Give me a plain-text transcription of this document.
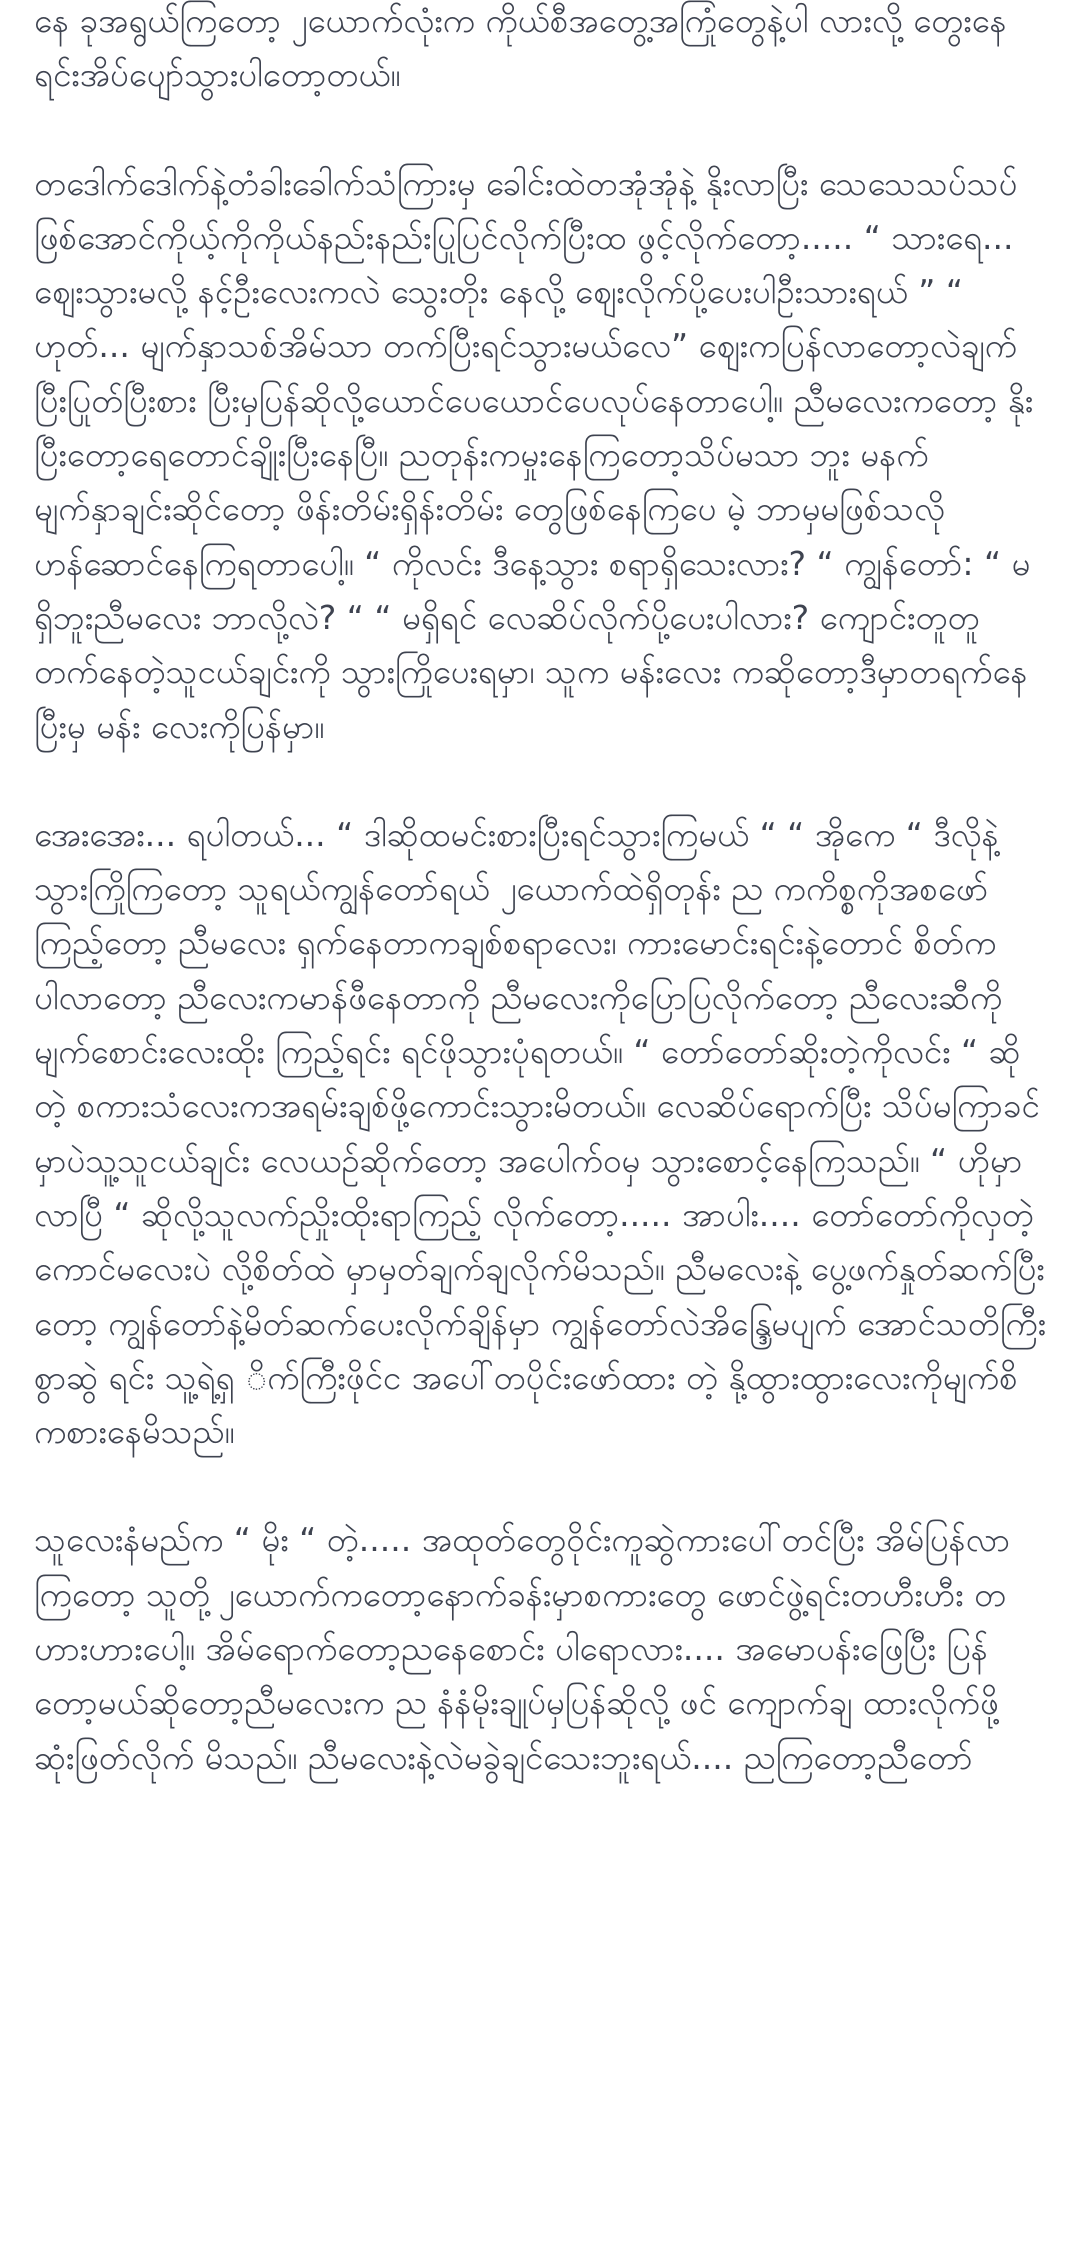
နေ ခုအရွယ်ကြတော့ ၂ယောက်လုံးက ကိုယ်စီအတွေ့အကြုံတွေနဲ့ပါ လားလို့ တွေးနေရင်းအိပ်ပျော်သွားပါတော့တယ်။

တဒေါက်ဒေါက်နဲ့တံခါးခေါက်သံကြားမှ ခေါင်းထဲတအုံအုံနဲ့ နိုးလာပြီး သေသေသပ်သပ်ဖြစ်အောင်ကိုယ့်ကိုကိုယ်နည်းနည်းပြုပြင်လိုက်ပြီးထ ဖွင့်လိုက်တော့..... “ သားရေ... ဈေးသွားမလို့ နင့်ဦးလေးကလဲ သွေးတိုး နေလို့ ဈေးလိုက်ပို့ပေးပါဦးသားရယ် ” “ ဟုတ်... မျက်နှာသစ်အိမ်သာ တက်ပြီးရင်သွားမယ်လေ” ဈေးကပြန်လာတော့လဲချက်ပြီးပြုတ်ပြီးစား ပြီးမှပြန်ဆိုလို့ယောင်ပေယောင်ပေလုပ်နေတာပေါ့။ ညီမလေးကတော့ နိုးပြီးတော့ရေတောင်ချိုးပြီးနေပြီ။ ညတုန်းကမှုးနေကြတော့သိပ်မသာ ဘူး မနက်မျက်နှာချင်းဆိုင်တော့ ဖိန်းတိမ်းရှိန်းတိမ်း တွေဖြစ်နေကြပေ မဲ့ ဘာမှမဖြစ်သလိုဟန်ဆောင်နေကြရတာပေါ့။ “ ကိုလင်း ဒီနေ့သွား စရာရှိသေးလား? “ ကျွန်တော်: “ မရှိဘူးညီမလေး ဘာလို့လဲ? “ “ မရှိရင် လေဆိပ်လိုက်ပို့ပေးပါလား? ကျောင်းတူတူတက်နေတဲ့သူငယ်ချင်းကို သွားကြိုပေးရမှာ၊ သူက မန်းလေး ကဆိုတော့ဒီမှာတရက်နေပြီးမှ မန်း လေးကိုပြန်မှာ။

အေးအေး... ရပါတယ်... “ ဒါဆိုထမင်းစားပြီးရင်သွားကြမယ် “ “ အိုကေ “ ဒီလိုနဲ့သွားကြိုကြတော့ သူရယ်ကျွန်တော်ရယ် ၂ယောက်ထဲရှိတုန်း ည ကကိစ္စကိုအစဖော်ကြည့်တော့ ညီမလေး ရှက်နေတာကချစ်စရာလေး၊ ကားမောင်းရင်းနဲ့တောင် စိတ်ကပါလာတော့ ညီလေးကမာန်ဖီနေတာကို ညီမလေးကိုပြောပြလိုက်တော့ ညီလေးဆီကိုမျက်စောင်းလေးထိုး ကြည့်ရင်း ရင်ဖိုသွားပုံရတယ်။ “ တော်တော်ဆိုးတဲ့ကိုလင်း “ ဆိုတဲ့ စကားသံလေးကအရမ်းချစ်ဖို့ကောင်းသွားမိတယ်။ လေဆိပ်ရောက်ပြီး သိပ်မကြာခင်မှာပဲသူ့သူငယ်ချင်း လေယဉ်ဆိုက်တော့ အပေါက်ဝမှ သွားစောင့်နေကြသည်။ “ ဟိုမှာ လာပြီ “ ဆိုလို့သူလက်ညှိုးထိုးရာကြည့် လိုက်တော့..... အာပါး.... တော်တော်ကိုလှတဲ့ကောင်မလေးပဲ လို့စိတ်ထဲ မှာမှတ်ချက်ချလိုက်မိသည်။ ညီမလေးနဲ့ ပွေ့ဖက်နှုတ်ဆက်ပြီးတော့ ကျွန်တော်နဲ့မိတ်ဆက်ပေးလိုက်ချိန်မှာ ကျွန်တော်လဲအိန္ဒြေမပျက် အောင်သတိကြီးစွာဆွဲ ရင်း သူ့ရဲ့ရှ ိက်ကြီးဖိုင်င အပေါ်တပိုင်းဖော်ထား တဲ့ နို့ထွားထွားလေးကိုမျက်စိကစားနေမိသည်။

သူလေးနံမည်က “ မိုး “ တဲ့..... အထုတ်တွေဝိုင်းကူဆွဲကားပေါ်တင်ပြီး အိမ်ပြန်လာကြတော့ သူတို့၂ယောက်ကတော့နောက်ခန်းမှာစကားတွေ ဖောင်ဖွဲ့ရင်းတဟီးဟီး တဟားဟားပေါ့။ အိမ်ရောက်တော့ညနေစောင်း ပါရောလား.... အမောပန်းဖြေပြီး ပြန်တော့မယ်ဆိုတော့ညီမလေးက ည နံနံမိုးချုပ်မှပြန်ဆိုလို့ ဖင် ကျောက်ချ ထားလိုက်ဖို့ဆုံးဖြတ်လိုက် မိသည်။ ညီမလေးနဲ့လဲမခွဲချင်သေးဘူးရယ်.... ညကြတော့ညီတော်
